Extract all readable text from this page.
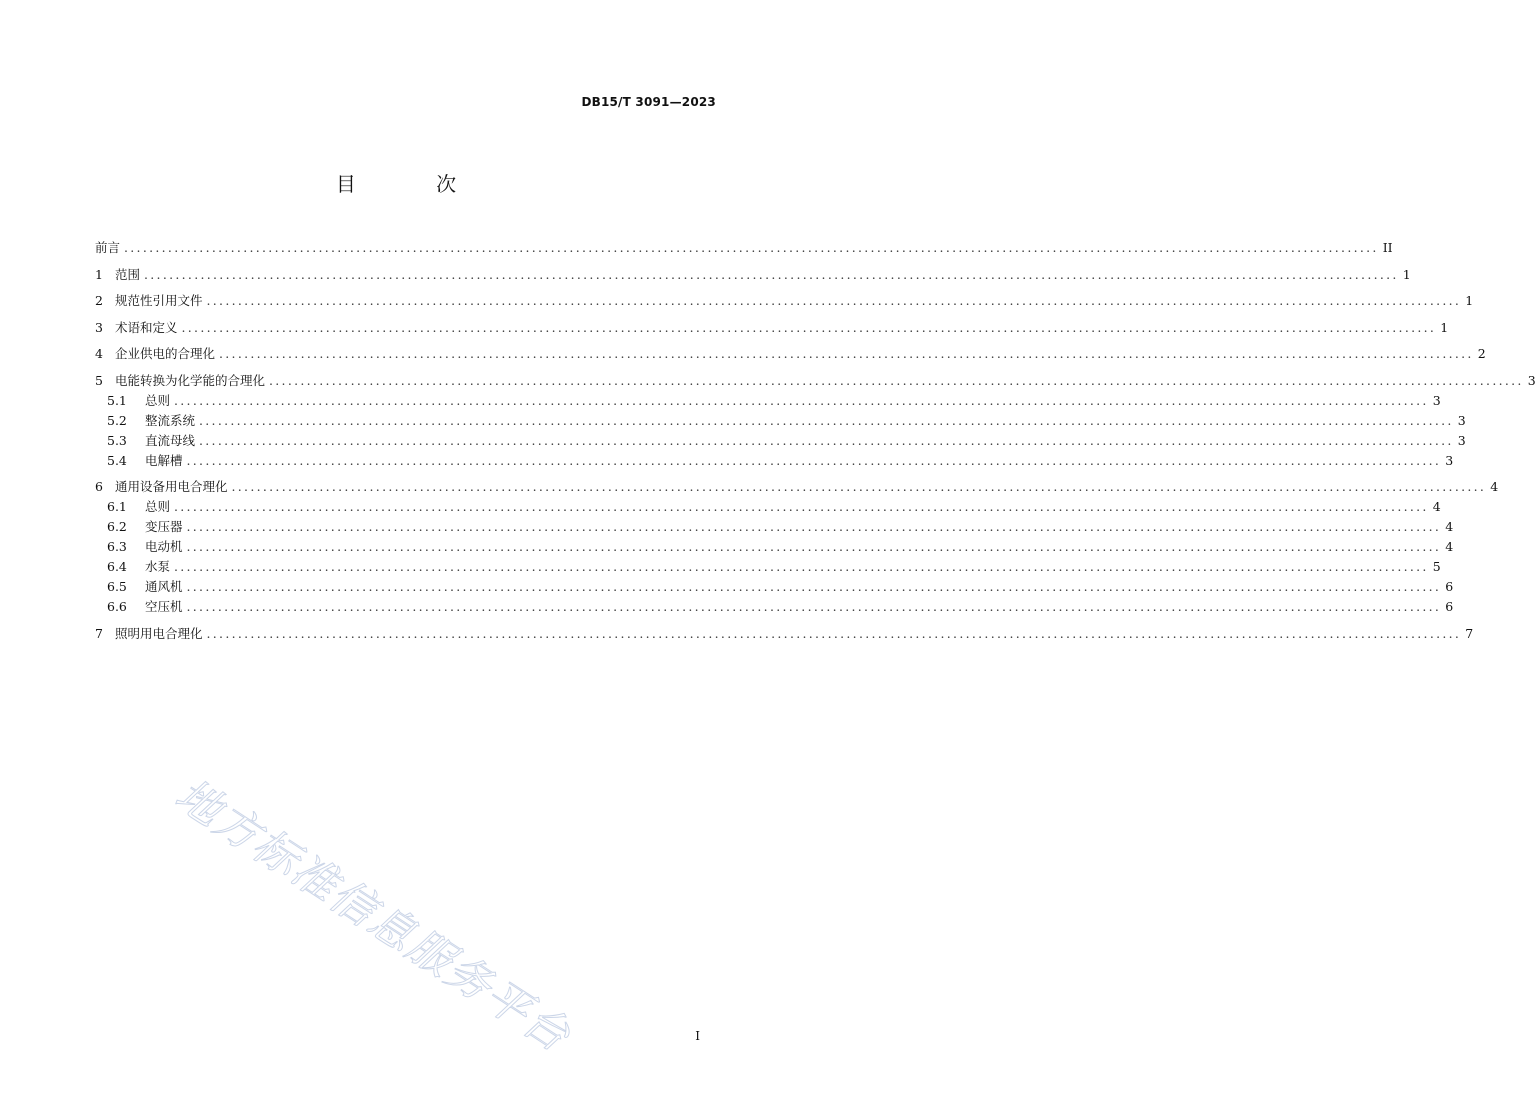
DB15/T 3091—2023
目	次
前言 ........................................................................................................................................................................................................ II
1 范围 ........................................................................................................................................................................................................ 1
2 规范性引用文件 ........................................................................................................................................................................................................ 1
3 术语和定义 ........................................................................................................................................................................................................ 1
4 企业供电的合理化 ........................................................................................................................................................................................................ 2
5 电能转换为化学能的合理化 ........................................................................................................................................................................................................ 3
5.1	总则 ........................................................................................................................................................................................................ 3
5.2	整流系统 ........................................................................................................................................................................................................ 3
5.3	直流母线 ........................................................................................................................................................................................................ 3
5.4	电解槽 ........................................................................................................................................................................................................ 3
6 通用设备用电合理化 ........................................................................................................................................................................................................ 4
6.1	总则 ........................................................................................................................................................................................................ 4
6.2	变压器 ........................................................................................................................................................................................................ 4
6.3	电动机 ........................................................................................................................................................................................................ 4
6.4	水泵 ........................................................................................................................................................................................................ 5
6.5	通风机 ........................................................................................................................................................................................................ 6
6.6	空压机 ........................................................................................................................................................................................................ 6
7 照明用电合理化 ........................................................................................................................................................................................................ 7
地方标准信息服务平台	I
